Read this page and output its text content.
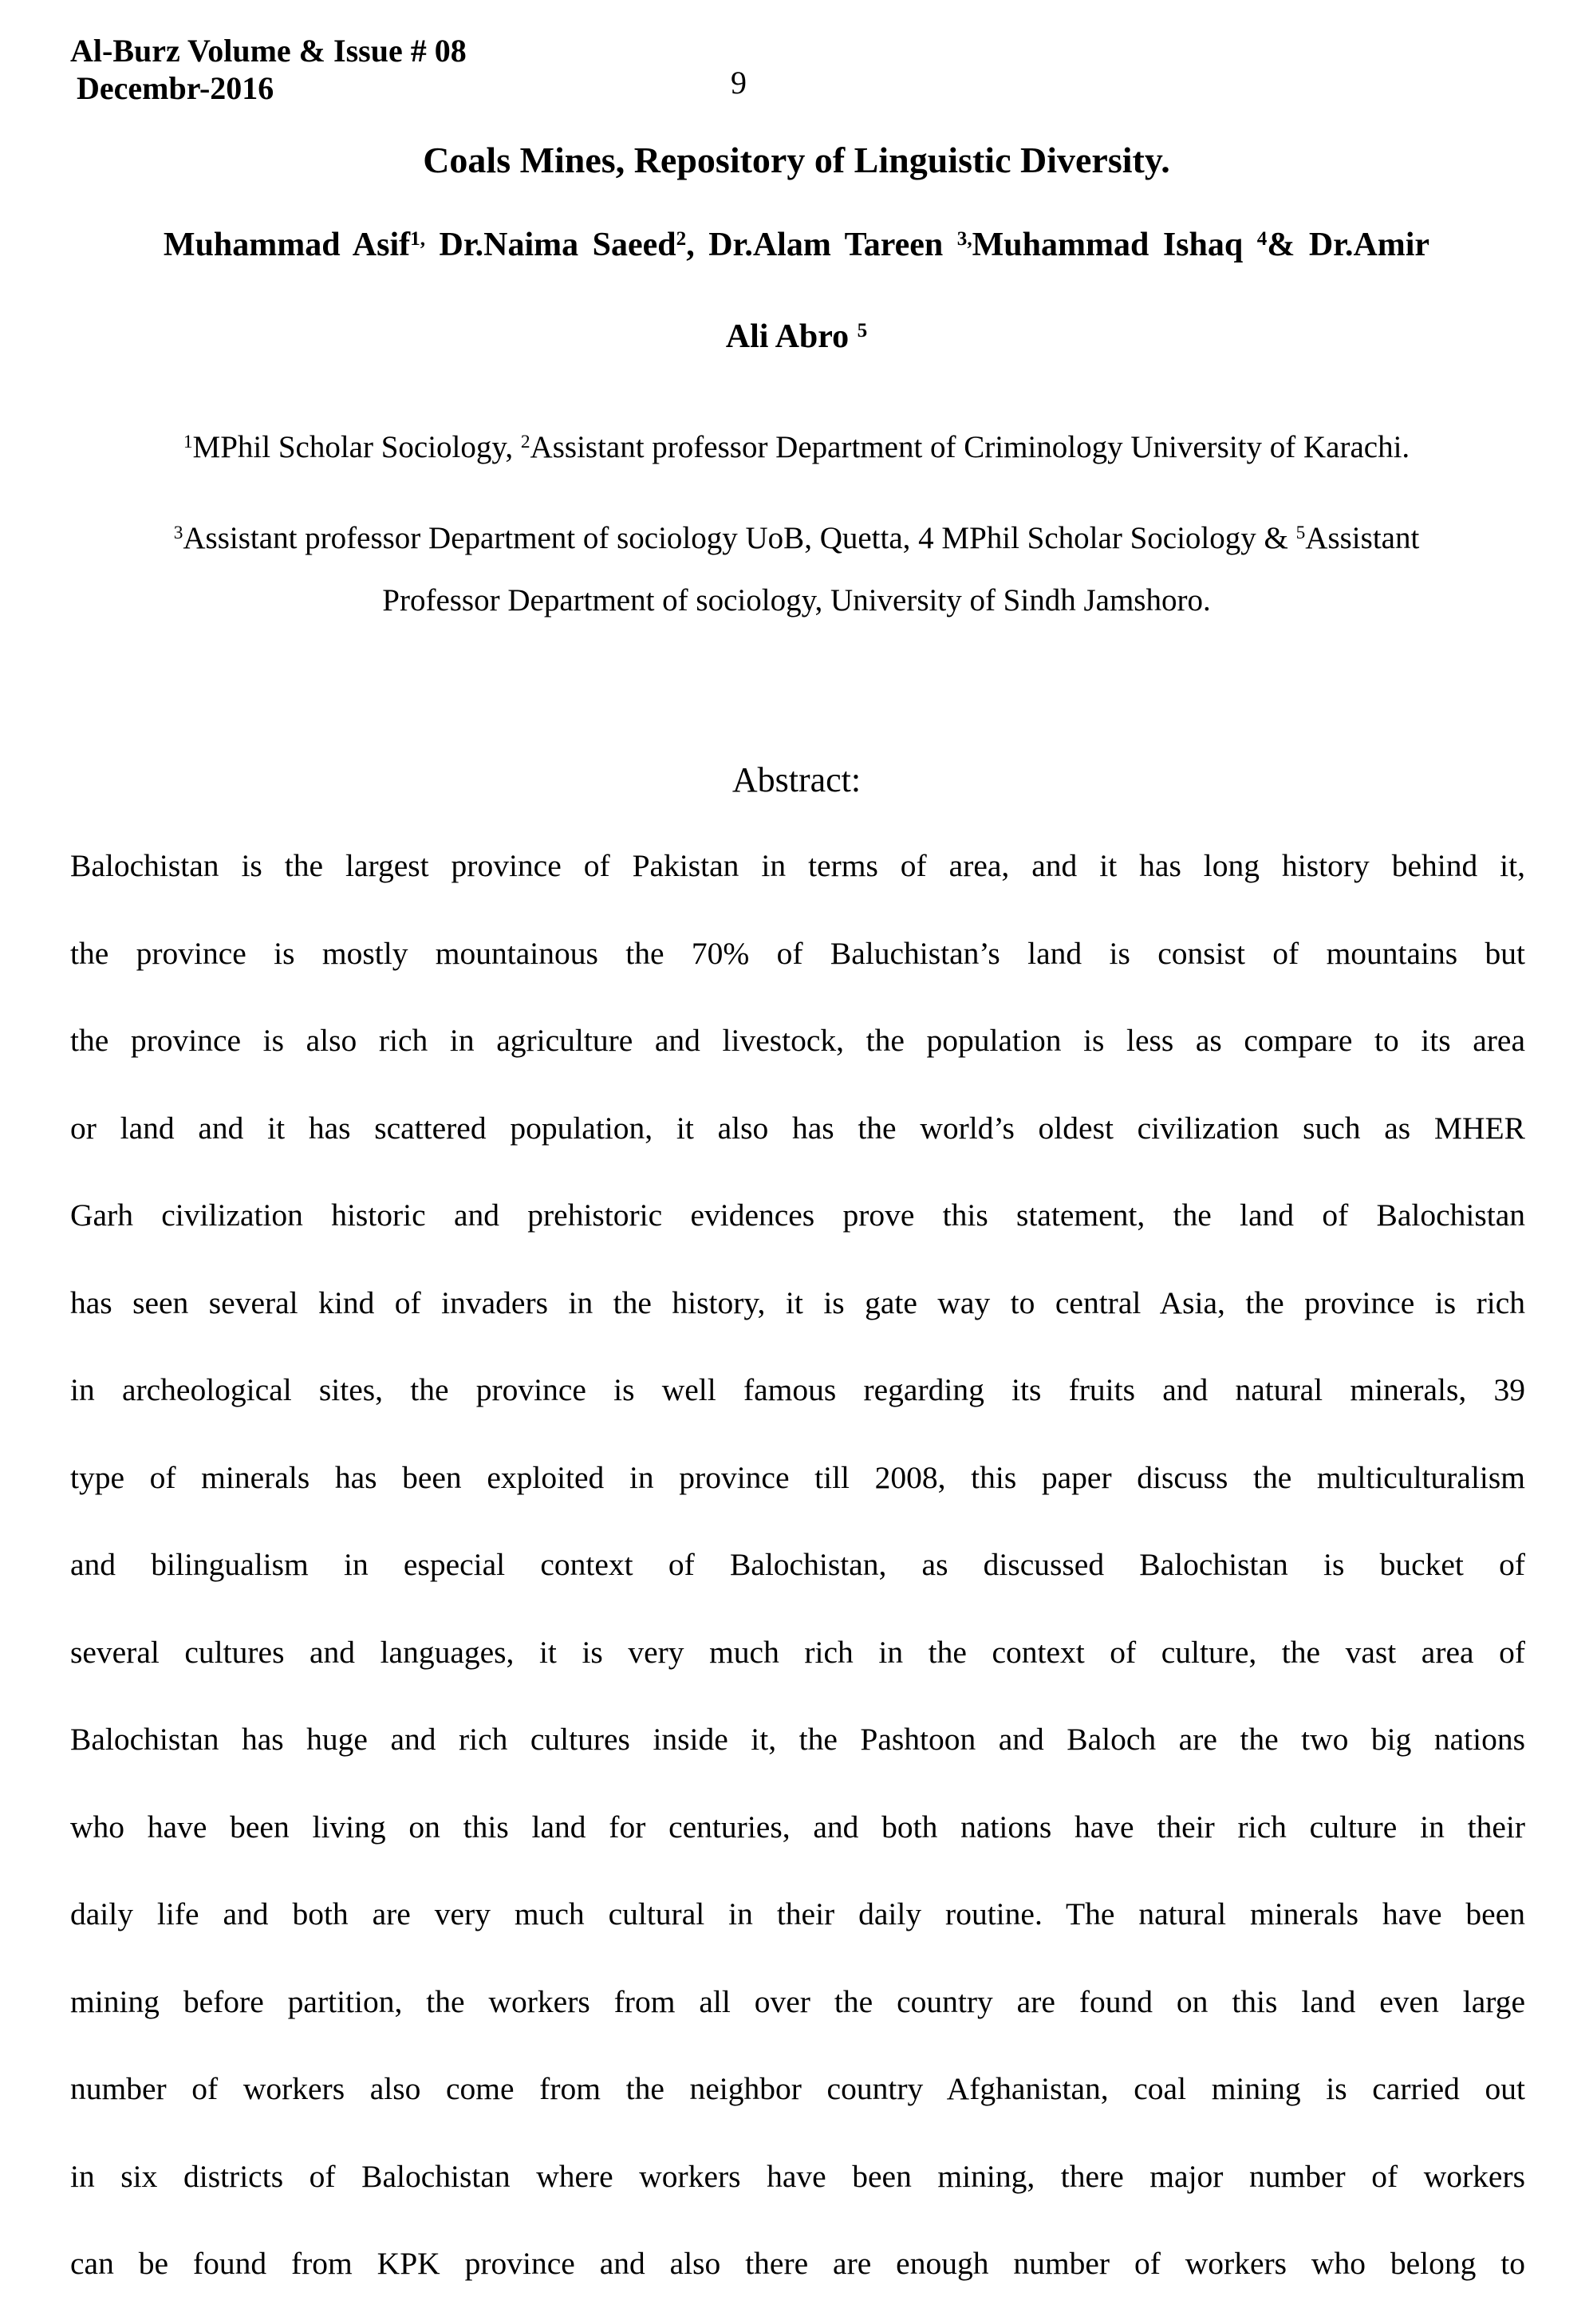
Al-Burz Volume & Issue # 08
Decembr-2016	9
Coals Mines, Repository of Linguistic Diversity.
Muhammad Asif$^{1,}$ Dr.Naima Saeed$^2$, Dr.Alam Tareen $^{3,}$Muhammad Ishaq $^4$& Dr.Amir
Ali Abro $^5$
$^1$MPhil Scholar Sociology, $^2$Assistant professor Department of Criminology University of Karachi.
$^3$Assistant professor Department of sociology UoB, Quetta, 4 MPhil Scholar Sociology & $^5$Assistant
Professor Department of sociology, University of Sindh Jamshoro.
Abstract:
Balochistan is the largest province of Pakistan in terms of area, and it has long history behind it,
the province is mostly mountainous the 70% of Baluchistan’s land is consist of mountains but
the province is also rich in agriculture and livestock, the population is less as compare to its area
or land and it has scattered population, it also has the world’s oldest civilization such as MHER
Garh civilization historic and prehistoric evidences prove this statement, the land of Balochistan
has seen several kind of invaders in the history, it is gate way to central Asia, the province is rich
in archeological sites, the province is well famous regarding its fruits and natural minerals, 39
type of minerals has been exploited in province till 2008, this paper discuss the multiculturalism
and bilingualism in especial context of Balochistan, as discussed Balochistan is bucket of
several cultures and languages, it is very much rich in the context of culture, the vast area of
Balochistan has huge and rich cultures inside it, the Pashtoon and Baloch are the two big nations
who have been living on this land for centuries, and both nations have their rich culture in their
daily life and both are very much cultural in their daily routine. The natural minerals have been
mining before partition, the workers from all over the country are found on this land even large
number of workers also come from the neighbor country Afghanistan, coal mining is carried out
in six districts of Balochistan where workers have been mining, there major number of workers
can be found from KPK province and also there are enough number of workers who belong to
